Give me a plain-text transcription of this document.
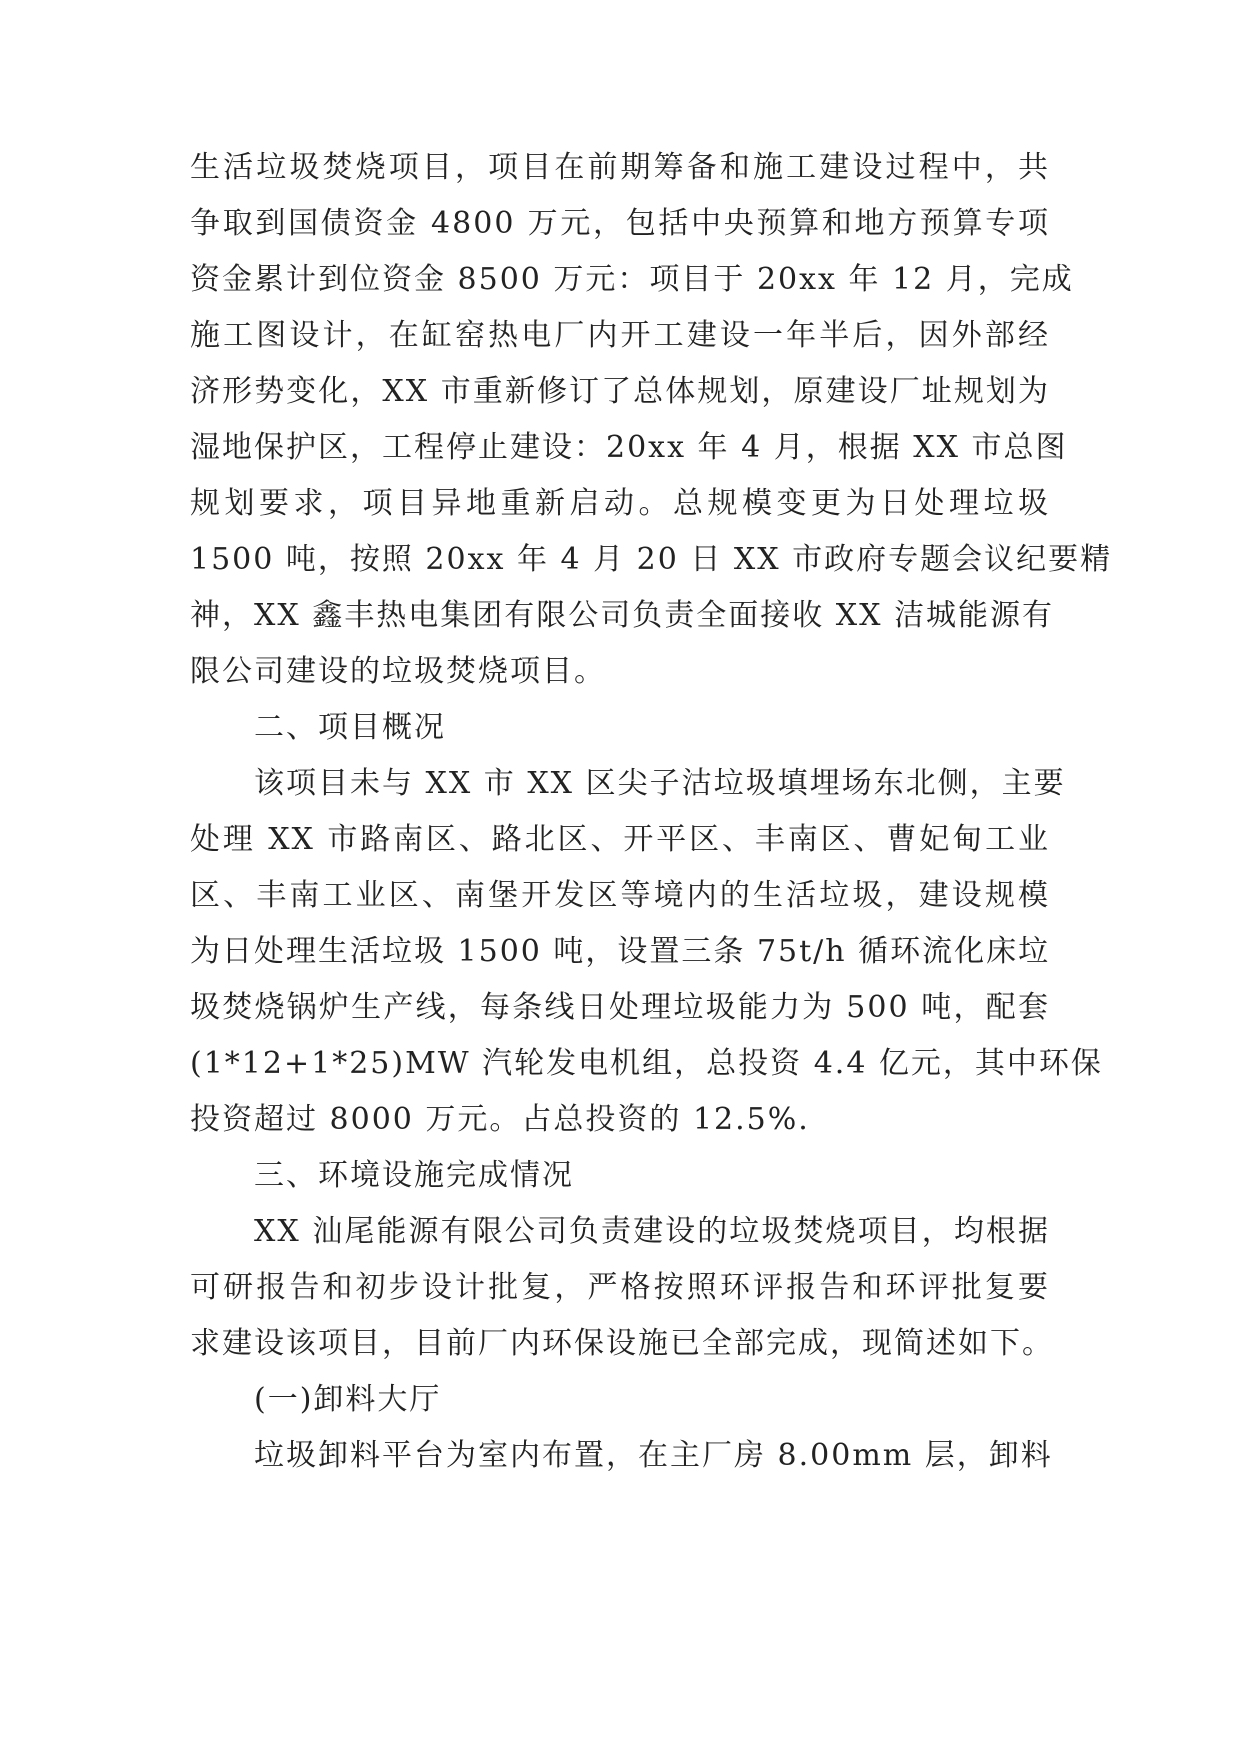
生活垃圾焚烧项目，项目在前期筹备和施工建设过程中，共
争取到国债资金 4800 万元，包括中央预算和地方预算专项
资金累计到位资金 8500 万元：项目于 20xx 年 12 月，完成
施工图设计，在缸窑热电厂内开工建设一年半后，因外部经
济形势变化，XX 市重新修订了总体规划，原建设厂址规划为
湿地保护区，工程停止建设：20xx 年 4 月，根据 XX 市总图
规划要求，项目异地重新启动。总规模变更为日处理垃圾
1500 吨，按照 20xx 年 4 月 20 日 XX 市政府专题会议纪要精
神，XX 鑫丰热电集团有限公司负责全面接收 XX 洁城能源有
限公司建设的垃圾焚烧项目。
二、项目概况
该项目未与 XX 市 XX 区尖子沽垃圾填埋场东北侧，主要
处理 XX 市路南区、路北区、开平区、丰南区、曹妃甸工业
区、丰南工业区、南堡开发区等境内的生活垃圾，建设规模
为日处理生活垃圾 1500 吨，设置三条 75t/h 循环流化床垃
圾焚烧锅炉生产线，每条线日处理垃圾能力为 500 吨，配套
(1*12+1*25)MW 汽轮发电机组，总投资 4.4 亿元，其中环保
投资超过 8000 万元。占总投资的 12.5%.
三、环境设施完成情况
XX 汕尾能源有限公司负责建设的垃圾焚烧项目，均根据
可研报告和初步设计批复，严格按照环评报告和环评批复要
求建设该项目，目前厂内环保设施已全部完成，现简述如下。
(一)卸料大厅
垃圾卸料平台为室内布置，在主厂房 8.00mm 层，卸料
